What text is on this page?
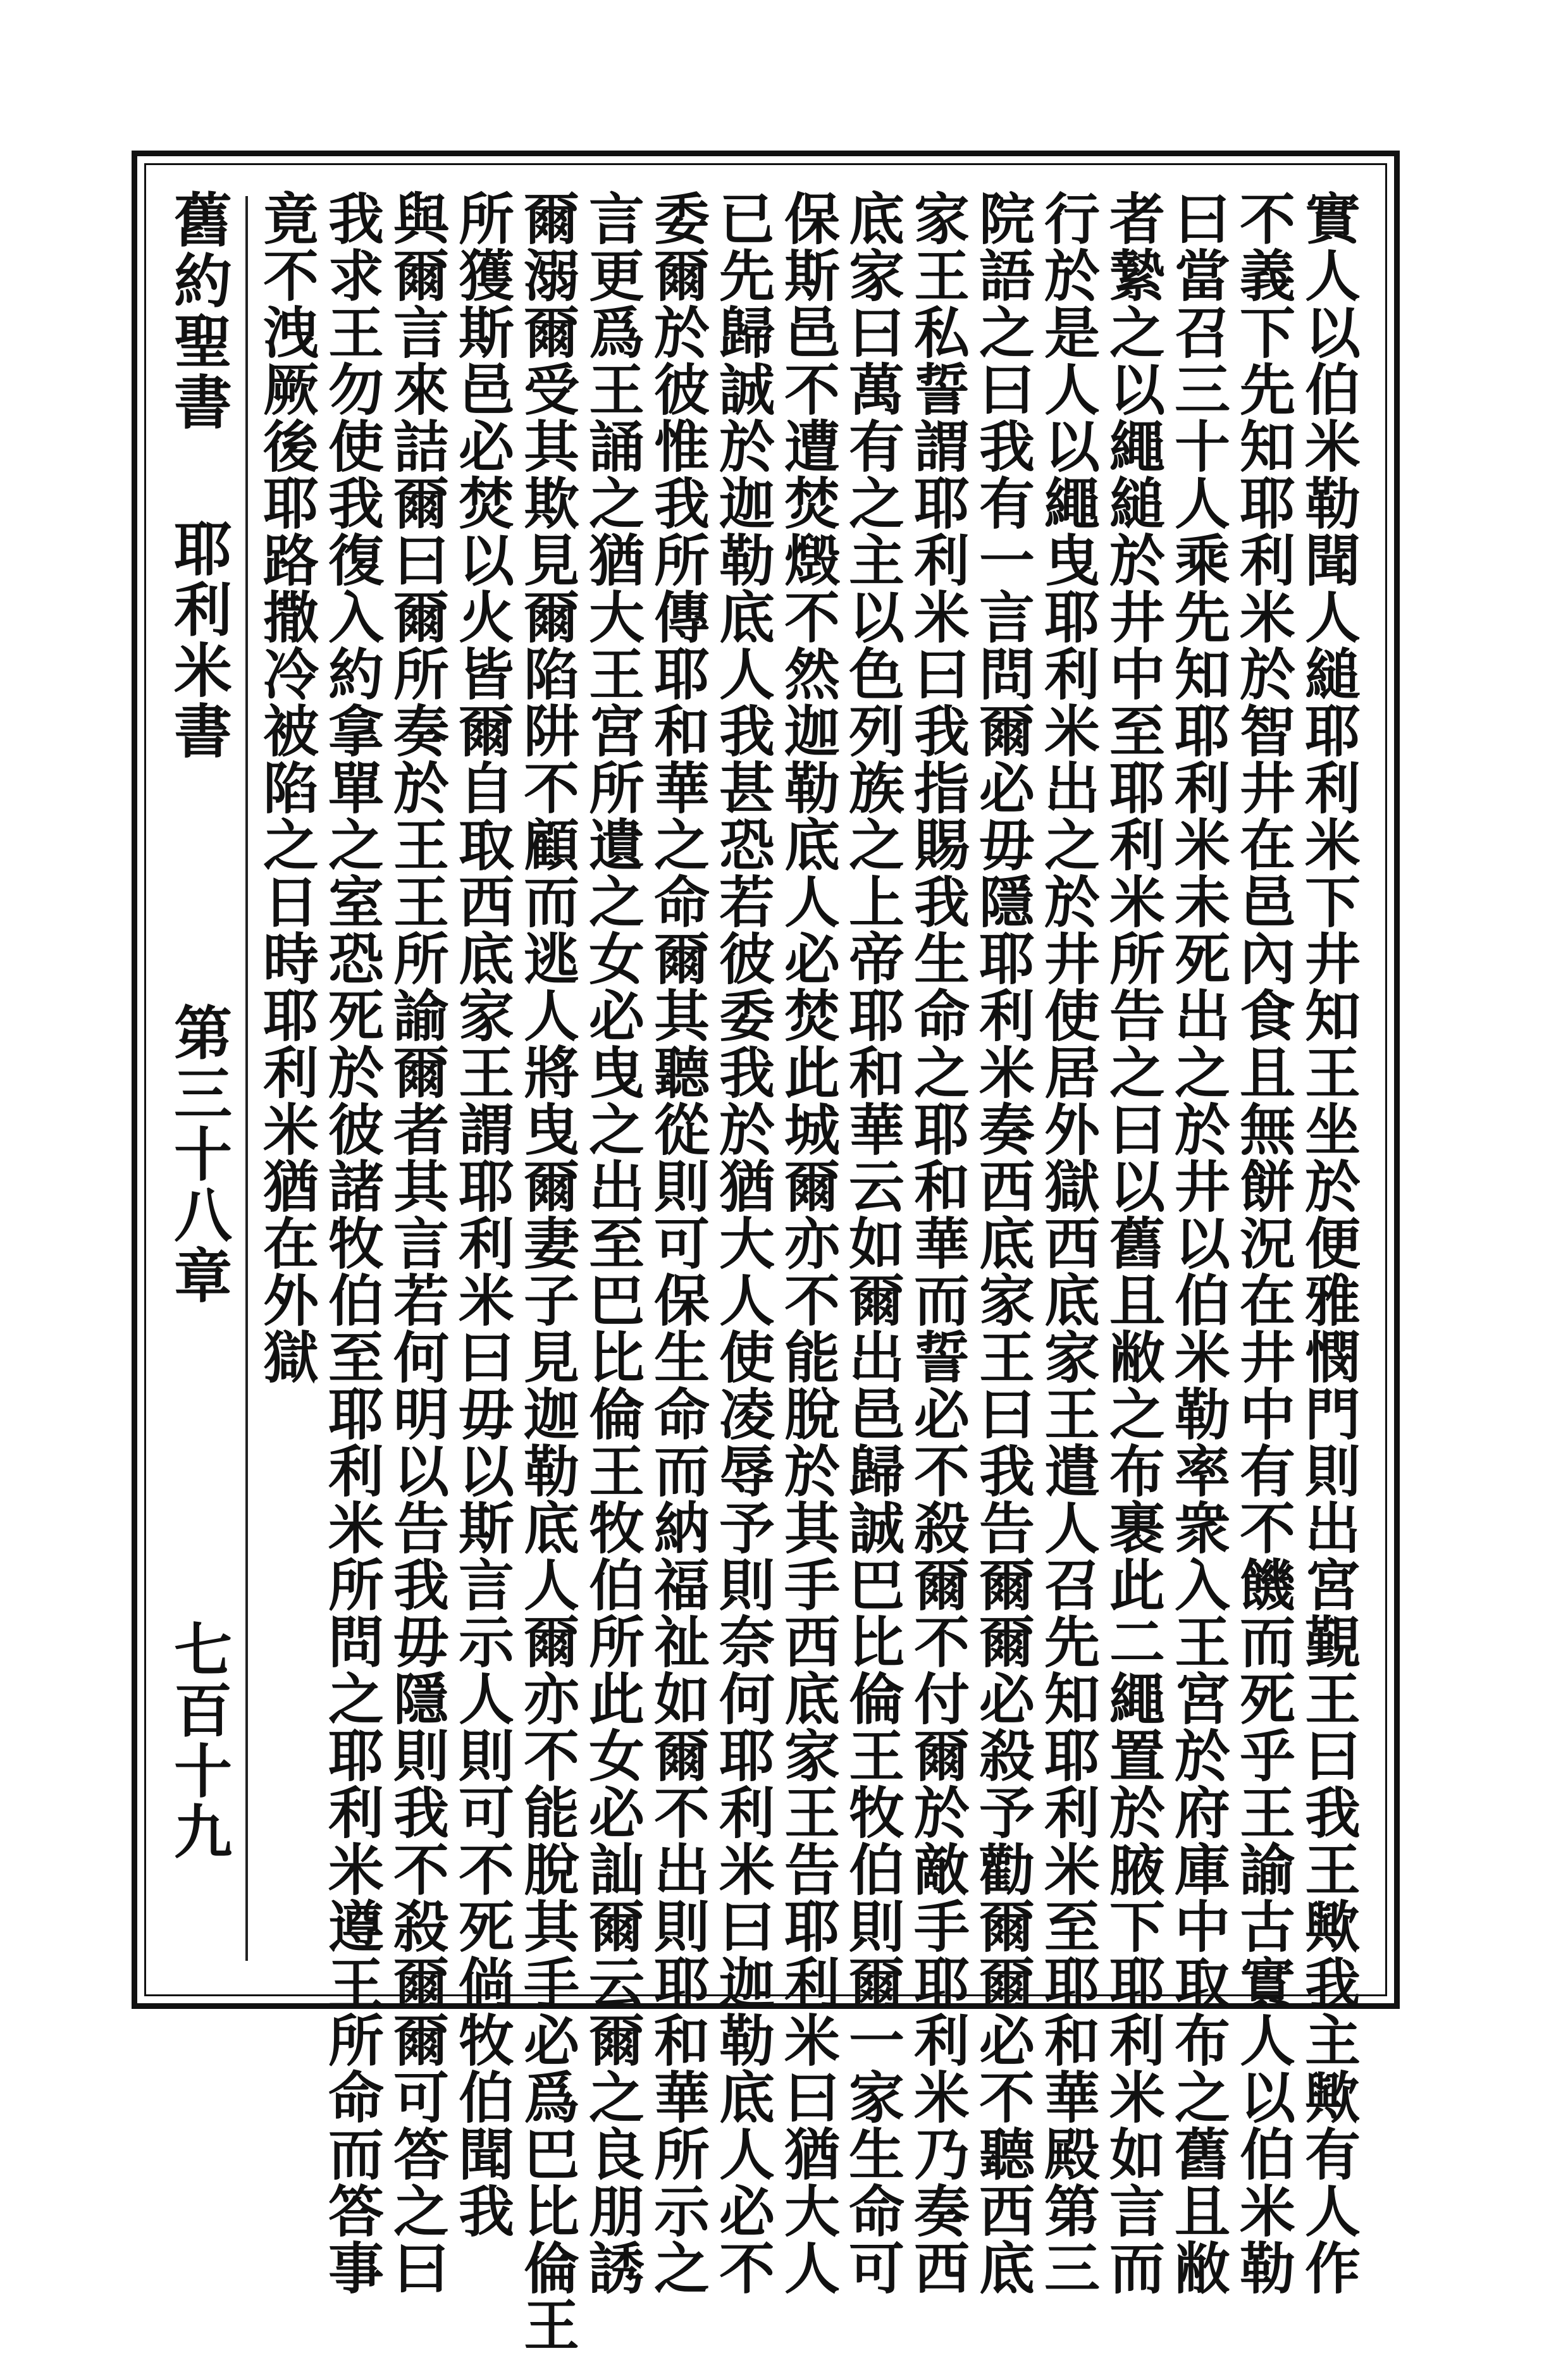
舊約聖書
耶利米書
第三十八章
七百十九	實人以伯米勒聞人縋耶利米下井知王坐於便雅憫門則出宮覲王曰我王歟我主歟有人作
不義下先知耶利米於智井在邑內食且無餅況在井中有不饑而死乎王諭古實人以伯米勒
曰當召三十人乘先知耶利米未死出之於井以伯米勒率衆入王宮於府庫中取布之舊且敝
者縶之以繩縋於井中至耶利米所告之曰以舊且敝之布裹此二繩置於腋下耶利米如言而
行於是人以繩曳耶利米出之於井使居外獄西底家王遣人召先知耶利米至耶和華殿第三
院語之曰我有一言問爾必毋隱耶利米奏西底家王曰我告爾爾必殺予勸爾爾必不聽西底
家王私誓謂耶利米曰我指賜我生命之耶和華而誓必不殺爾不付爾於敵手耶利米乃奏西
底家曰萬有之主以色列族之上帝耶和華云如爾出邑歸誠巴比倫王牧伯則爾一家生命可
保斯邑不遭焚燬不然迦勒底人必焚此城爾亦不能脫於其手西底家王告耶利米曰猶大人
已先歸誠於迦勒底人我甚恐若彼委我於猶大人使凌辱予則奈何耶利米曰迦勒底人必不
委爾於彼惟我所傳耶和華之命爾其聽從則可保生命而納福祉如爾不出則耶和華所示之
言更爲王誦之猶大王宮所遺之女必曳之出至巴比倫王牧伯所此女必訕爾云爾之良朋誘
爾溺爾受其欺見爾陷阱不顧而逃人將曳爾妻子見迦勒底人爾亦不能脫其手必爲巴比倫王
所獲斯邑必焚以火皆爾自取西底家王謂耶利米曰毋以斯言示人則可不死倘牧伯聞我
與爾言來詰爾曰爾所奏於王王所諭爾者其言若何明以告我毋隱則我不殺爾爾可答之曰
我求王勿使我復入約拿單之室恐死於彼諸牧伯至耶利米所問之耶利米遵王所命而答事
竟不洩厥後耶路撒冷被陷之日時耶利米猶在外獄
